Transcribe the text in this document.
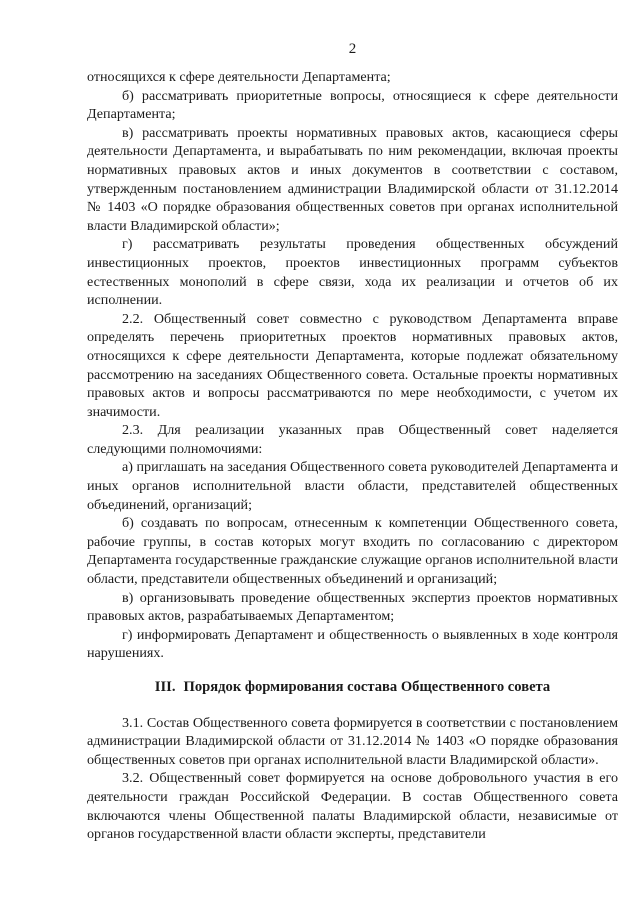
2

относящихся к сфере деятельности Департамента;

б) рассматривать приоритетные вопросы, относящиеся к сфере деятельности Департамента;

в) рассматривать проекты нормативных правовых актов, касающиеся сферы деятельности Департамента, и вырабатывать по ним рекомендации, включая проекты нормативных правовых актов и иных документов в соответствии с составом, утвержденным постановлением администрации Владимирской области от 31.12.2014 № 1403 «О порядке образования общественных советов при органах исполнительной власти Владимирской области»;

г) рассматривать результаты проведения общественных обсуждений инвестиционных проектов, проектов инвестиционных программ субъектов естественных монополий в сфере связи, хода их реализации и отчетов об их исполнении.

2.2. Общественный совет совместно с руководством Департамента вправе определять перечень приоритетных проектов нормативных правовых актов, относящихся к сфере деятельности Департамента, которые подлежат обязательному рассмотрению на заседаниях Общественного совета. Остальные проекты нормативных правовых актов и вопросы рассматриваются по мере необходимости, с учетом их значимости.

2.3. Для реализации указанных прав Общественный совет наделяется следующими полномочиями:

а) приглашать на заседания Общественного совета руководителей Департамента и иных органов исполнительной власти области, представителей общественных объединений, организаций;

б) создавать по вопросам, отнесенным к компетенции Общественного совета, рабочие группы, в состав которых могут входить по согласованию с директором Департамента государственные гражданские служащие органов исполнительной власти области, представители общественных объединений и организаций;

в) организовывать проведение общественных экспертиз проектов нормативных правовых актов, разрабатываемых Департаментом;

г) информировать Департамент и общественность о выявленных в ходе контроля нарушениях.

III. Порядок формирования состава Общественного совета

3.1. Состав Общественного совета формируется в соответствии с постановлением администрации Владимирской области от 31.12.2014 № 1403 «О порядке образования общественных советов при органах исполнительной власти Владимирской области».

3.2. Общественный совет формируется на основе добровольного участия в его деятельности граждан Российской Федерации. В состав Общественного совета включаются члены Общественной палаты Владимирской области, независимые от органов государственной власти области эксперты, представители
